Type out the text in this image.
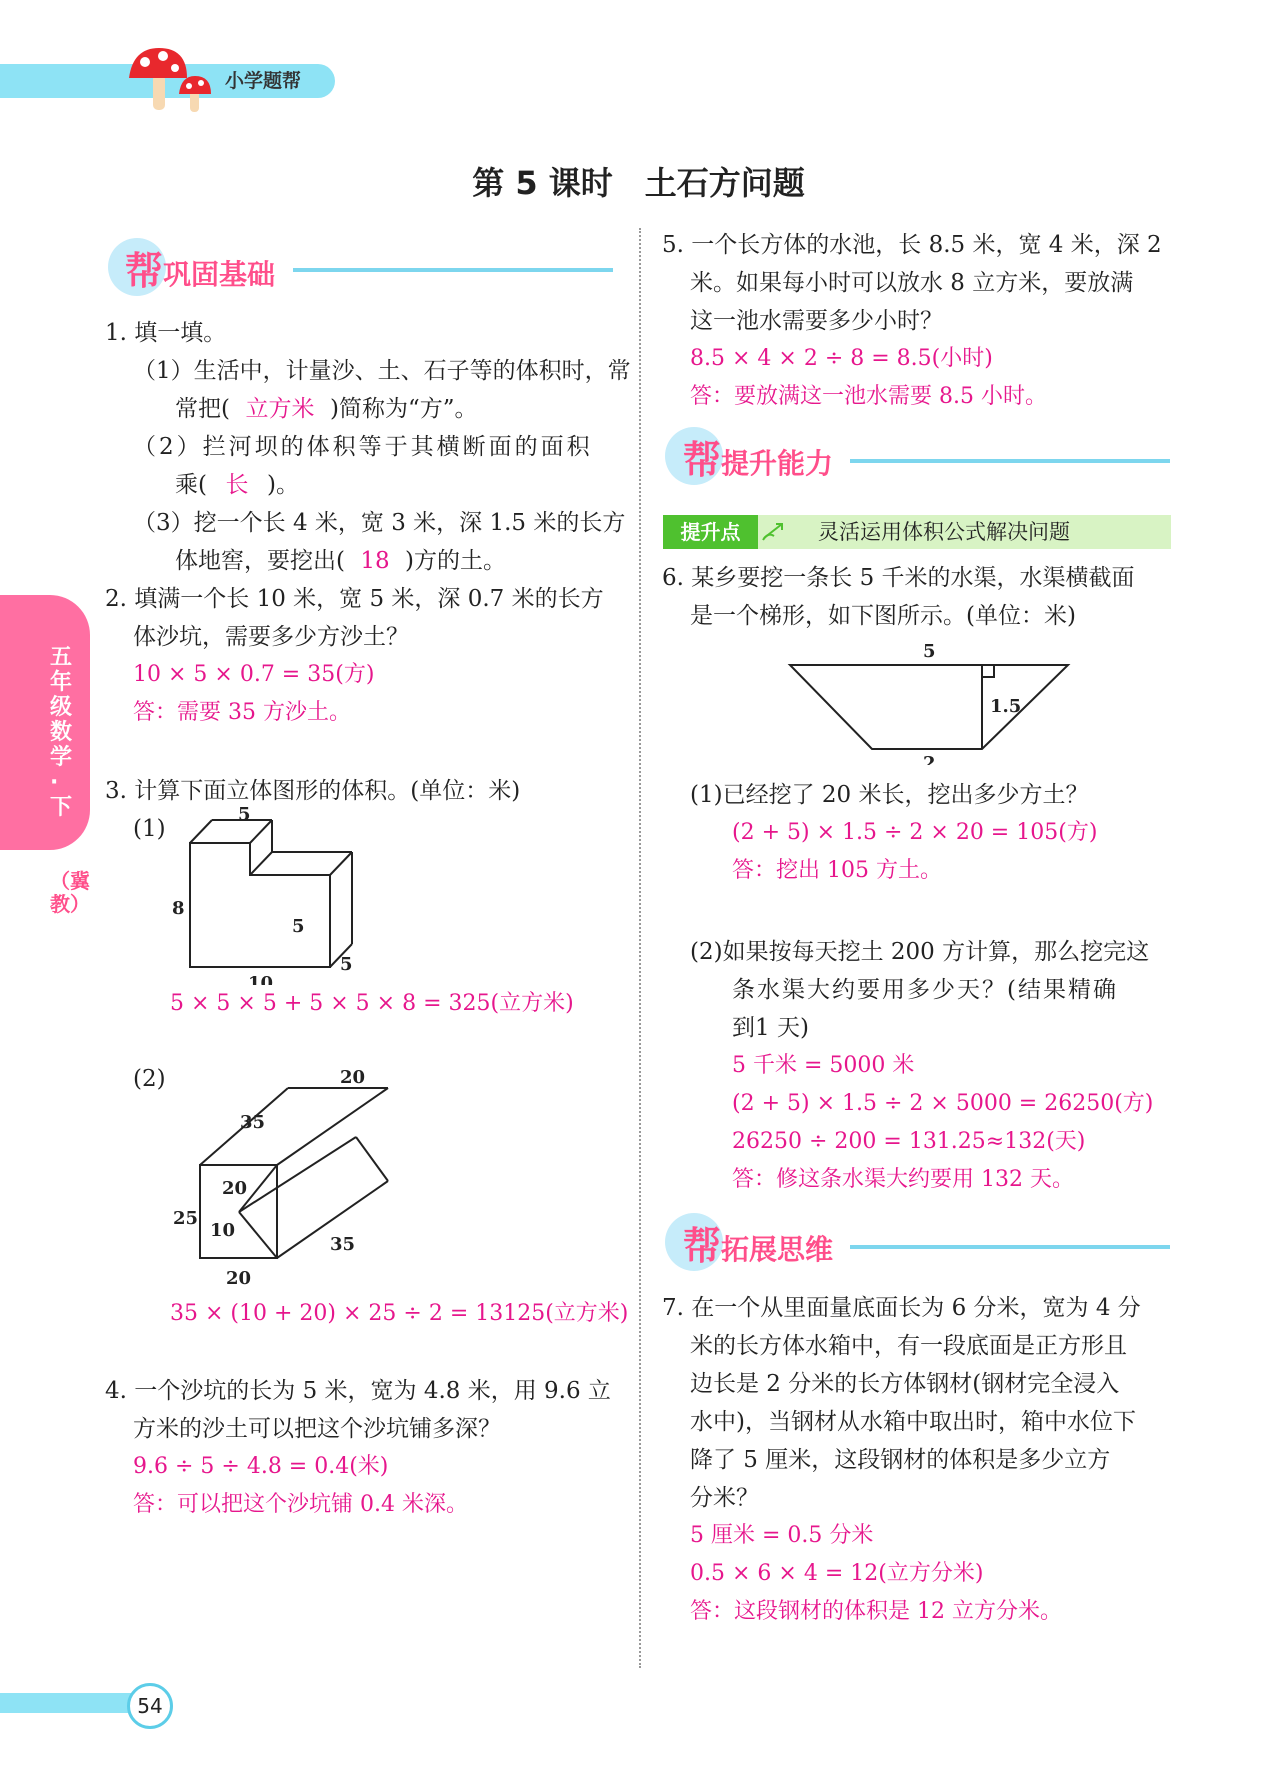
小学题帮
五年级数学·下
（冀教）
第 5 课时　土石方问题
帮巩固基础
1. 填一填。
（1）生活中，计量沙、土、石子等的体积时，常
常把( 立方米 )简称为“方”。
（2）拦河坝的体积等于其横断面的面积
乘( 长 )。
（3）挖一个长 4 米，宽 3 米，深 1.5 米的长方
体地窖，要挖出( 18 )方的土。
2. 填满一个长 10 米，宽 5 米，深 0.7 米的长方
体沙坑，需要多少方沙土？
10 × 5 × 0.7 = 35(方)
答：需要 35 方沙土。
3. 计算下面立体图形的体积。(单位：米)
(1)
5
8
5
10
5
5 × 5 × 5 + 5 × 5 × 8 = 325(立方米)
(2)	20
35
20
25
10
35
20
35 × (10 + 20) × 25 ÷ 2 = 13125(立方米)
4. 一个沙坑的长为 5 米，宽为 4.8 米，用 9.6 立
方米的沙土可以把这个沙坑铺多深？
9.6 ÷ 5 ÷ 4.8 = 0.4(米)
答：可以把这个沙坑铺 0.4 米深。
5. 一个长方体的水池，长 8.5 米，宽 4 米，深 2
米。如果每小时可以放水 8 立方米，要放满
这一池水需要多少小时？
8.5 × 4 × 2 ÷ 8 = 8.5(小时)
答：要放满这一池水需要 8.5 小时。
帮提升能力
提升点	灵活运用体积公式解决问题
6. 某乡要挖一条长 5 千米的水渠，水渠横截面
是一个梯形，如下图所示。(单位：米)
5
1.5
2
(1)已经挖了 20 米长，挖出多少方土？
(2 + 5) × 1.5 ÷ 2 × 20 = 105(方)
答：挖出 105 方土。
(2)如果按每天挖土 200 方计算，那么挖完这
条水渠大约要用多少天？(结果精确
到1 天)
5 千米 = 5000 米
(2 + 5) × 1.5 ÷ 2 × 5000 = 26250(方)
26250 ÷ 200 = 131.25≈132(天)
答：修这条水渠大约要用 132 天。
帮拓展思维
7. 在一个从里面量底面长为 6 分米，宽为 4 分
米的长方体水箱中，有一段底面是正方形且
边长是 2 分米的长方体钢材(钢材完全浸入
水中)，当钢材从水箱中取出时，箱中水位下
降了 5 厘米，这段钢材的体积是多少立方
分米？
5 厘米 = 0.5 分米
0.5 × 6 × 4 = 12(立方分米)
答：这段钢材的体积是 12 立方分米。
54
